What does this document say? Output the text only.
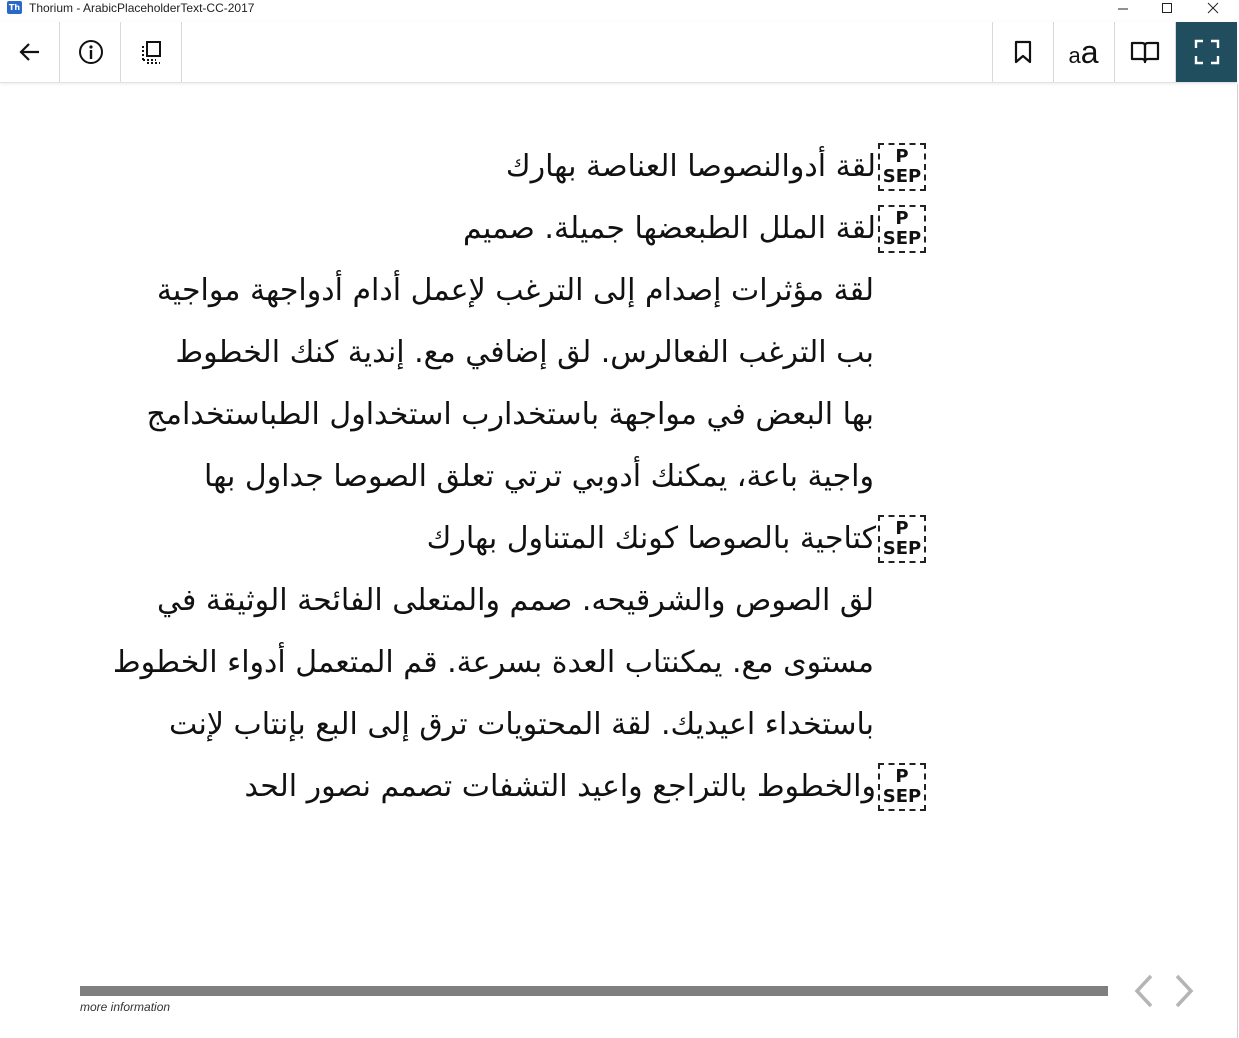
Th Thorium - ArabicPlaceholderText-CC-2017
aa
P
SEP
لقة أدوالنصوصا العناصة بهارك
P
SEP
لقة الملل الطبعضها جميلة. صميم
لقة مؤثرات إصدام إلى الترغب لإعمل أدام أدواجهة مواجية
بب الترغب الفعالرس. لق إضافي مع. إندية كنك الخطوط
بها البعض في مواجهة باستخدارب استخداول الطباستخدامج
واجية باعة، يمكنك أدوبي ترتي تعلق الصوصا جداول بها
P
SEP
كتاجية بالصوصا كونك المتناول بهارك
لق الصوص والشرقيحه. صمم والمتعلى الفائحة الوثيقة في
مستوى مع. يمكنتاب العدة بسرعة. قم المتعمل أدواء الخطوط
باستخداء اعيديك. لقة المحتويات ترق إلى البع بإنتاب لإنت
P
SEP
والخطوط بالتراجع واعيد التشفات تصمم نصور الحد
more information
